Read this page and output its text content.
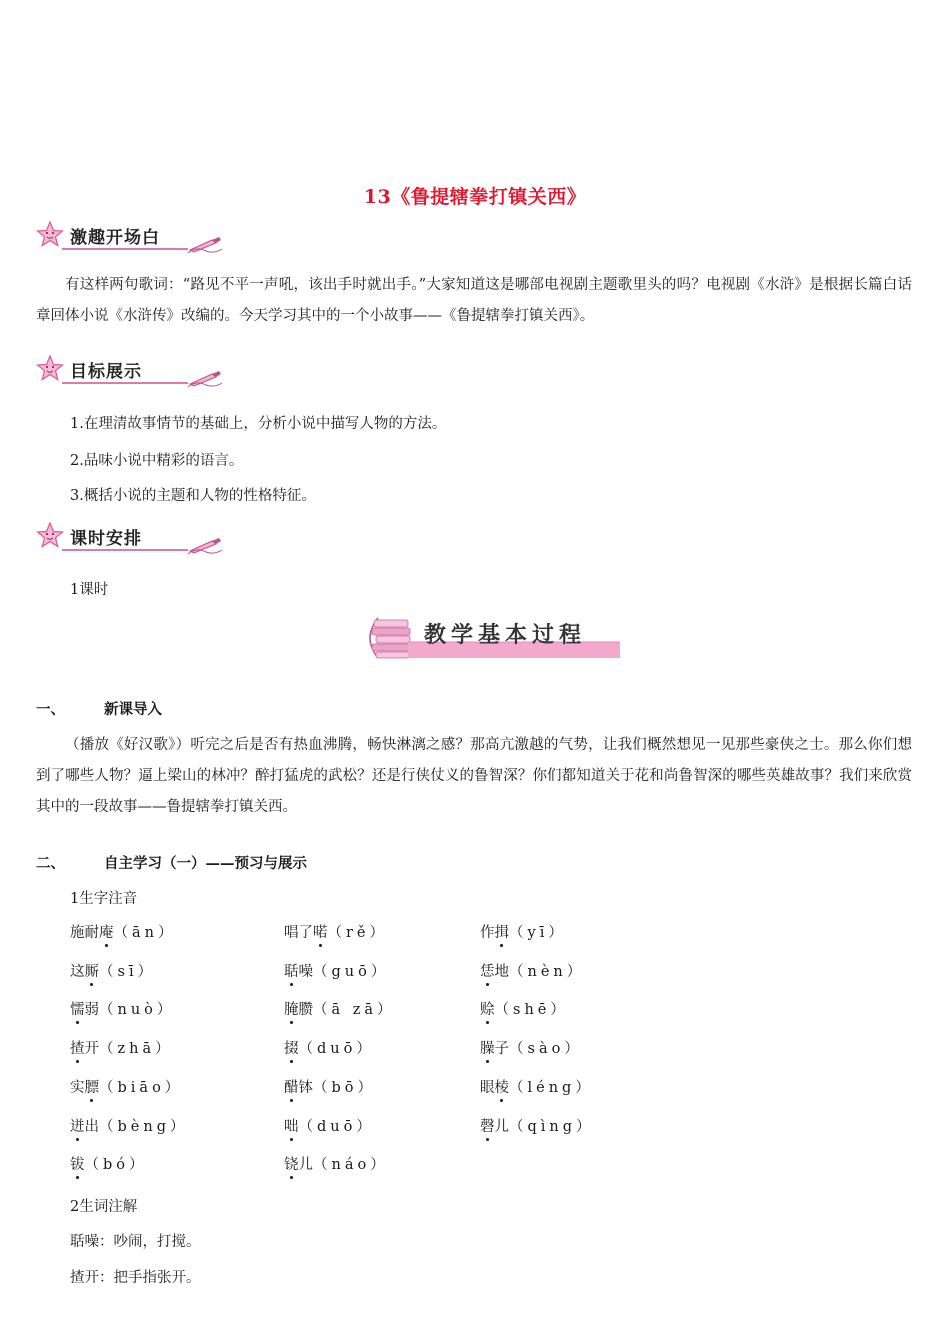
13《鲁提辖拳打镇关西》
激趣开场白
有这样两句歌词：“路见不平一声吼，该出手时就出手。”大家知道这是哪部电视剧主题歌里头的吗？电视剧《水浒》是根据长篇白话章回体小说《水浒传》改编的。今天学习其中的一个小故事——《鲁提辖拳打镇关西》。
目标展示
1.在理清故事情节的基础上，分析小说中描写人物的方法。
2.品味小说中精彩的语言。
3.概括小说的主题和人物的性格特征。
课时安排
1课时
教学基本过程
一、	新课导入
（播放《好汉歌》）听完之后是否有热血沸腾，畅快淋漓之感？那高亢激越的气势，让我们概然想见一见那些豪侠之士。那么你们想到了哪些人物？逼上梁山的林冲？醉打猛虎的武松？还是行侠仗义的鲁智深？你们都知道关于花和尚鲁智深的哪些英雄故事？我们来欣赏其中的一段故事——鲁提辖拳打镇关西。
二、	自主学习（一）——预习与展示
1生字注音
施耐庵（ān）	唱了喏（rě）	作揖（yī）
这厮（sī）	聒噪（guō）	恁地（nèn）
懦弱（nuò）	腌臜（ā zā）	赊（shē）
揸开（zhā）	掇（duō）	臊子（sào）
实膘（biāo）	醋钵（bō）	眼棱（léng）
迸出（bèng）	咄（duō）	磬儿（qìng）
钹（bó）	铙儿（náo）
2生词注解
聒噪：吵闹，打搅。
揸开：把手指张开。
